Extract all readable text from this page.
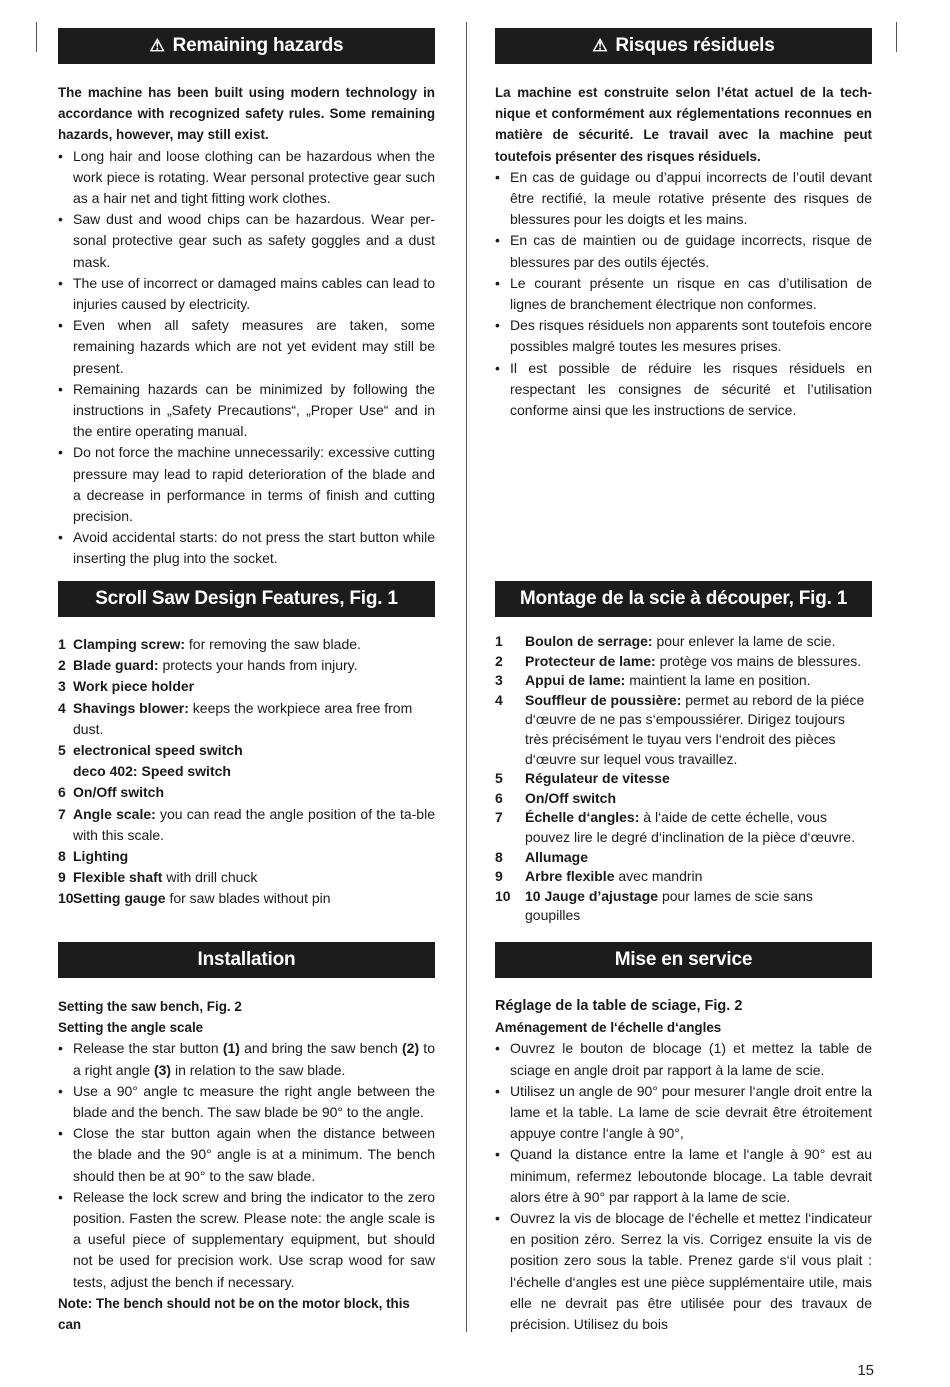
⚠ Remaining hazards
The machine has been built using modern technology in accordance with recognized safety rules. Some remaining hazards, however, may still exist.
• Long hair and loose clothing can be hazardous when the work piece is rotating. Wear personal protective gear such as a hair net and tight fitting work clothes.
• Saw dust and wood chips can be hazardous. Wear per-sonal protective gear such as safety goggles and a dust mask.
• The use of incorrect or damaged mains cables can lead to injuries caused by electricity.
• Even when all safety measures are taken, some remaining hazards which are not yet evident may still be present.
• Remaining hazards can be minimized by following the instructions in „Safety Precautions“, „Proper Use“ and in the entire operating manual.
• Do not force the machine unnecessarily: excessive cutting pressure may lead to rapid deterioration of the blade and a decrease in performance in terms of finish and cutting precision.
• Avoid accidental starts: do not press the start button while inserting the plug into the socket.
Scroll Saw Design Features, Fig. 1
1 Clamping screw: for removing the saw blade.
2 Blade guard: protects your hands from injury.
3 Work piece holder
4 Shavings blower: keeps the workpiece area free from dust.
5 electronical speed switch
deco 402: Speed switch
6 On/Off switch
7 Angle scale: you can read the angle position of the ta-ble with this scale.
8 Lighting
9 Flexible shaft with drill chuck
10 Setting gauge for saw blades without pin
Installation
Setting the saw bench, Fig. 2
Setting the angle scale
• Release the star button (1) and bring the saw bench (2) to a right angle (3) in relation to the saw blade.
• Use a 90° angle tc measure the right angle between the blade and the bench. The saw blade be 90° to the angle.
• Close the star button again when the distance between the blade and the 90° angle is at a minimum. The bench should then be at 90° to the saw blade.
• Release the lock screw and bring the indicator to the zero position. Fasten the screw. Please note: the angle scale is a useful piece of supplementary equipment, but should not be used for precision work. Use scrap wood for saw tests, adjust the bench if necessary.
Note: The bench should not be on the motor block, this can
⚠ Risques résiduels
La machine est construite selon l’état actuel de la tech-nique et conformément aux réglementations reconnues en matière de sécurité. Le travail avec la machine peut toutefois présenter des risques résiduels.
• En cas de guidage ou d’appui incorrects de l’outil devant être rectifié, la meule rotative présente des risques de blessures pour les doigts et les mains.
• En cas de maintien ou de guidage incorrects, risque de blessures par des outils éjectés.
• Le courant présente un risque en cas d’utilisation de lignes de branchement électrique non conformes.
• Des risques résiduels non apparents sont toutefois encore possibles malgré toutes les mesures prises.
• Il est possible de réduire les risques résiduels en respectant les consignes de sécurité et l’utilisation conforme ainsi que les instructions de service.
Montage de la scie à découper, Fig. 1
1	Boulon de serrage: pour enlever la lame de scie.
2	Protecteur de lame: protège vos mains de blessures.
3	Appui de lame: maintient la lame en position.
4	Souffleur de poussière: permet au rebord de la piéce d‘œuvre de ne pas s‘empoussiérer. Dirigez toujours très précisément le tuyau vers l‘endroit des pièces d‘œuvre sur lequel vous travaillez.
5	Régulateur de vitesse
6	On/Off switch
7	Échelle d‘angles: à l‘aide de cette échelle, vous pouvez lire le degré d‘inclination de la pièce d‘œuvre.
8	Allumage
9	Arbre flexible avec mandrin
10	10 Jauge d’ajustage pour lames de scie sans goupilles
Mise en service
Réglage de la table de sciage, Fig. 2
Aménagement de l‘échelle d‘angles
• Ouvrez le bouton de blocage (1) et mettez la table de sciage en angle droit par rapport à la lame de scie.
• Utilisez un angle de 90° pour mesurer l‘angle droit entre la lame et la table. La lame de scie devrait être étroitement appuye contre l‘angle à 90°,
• Quand la distance entre la lame et l‘angle à 90° est au minimum, refermez leboutonde blocage. La table devrait alors étre à 90° par rapport à la lame de scie.
• Ouvrez la vis de blocage de l‘échelle et mettez l‘indicateur en position zéro. Serrez la vis. Corrigez ensuite la vis de position zero sous la table. Prenez garde s‘il vous plait : l‘échelle d‘angles est une pièce supplémentaire utile, mais elle ne devrait pas être utilisée pour des travaux de précision. Utilisez du bois
15
